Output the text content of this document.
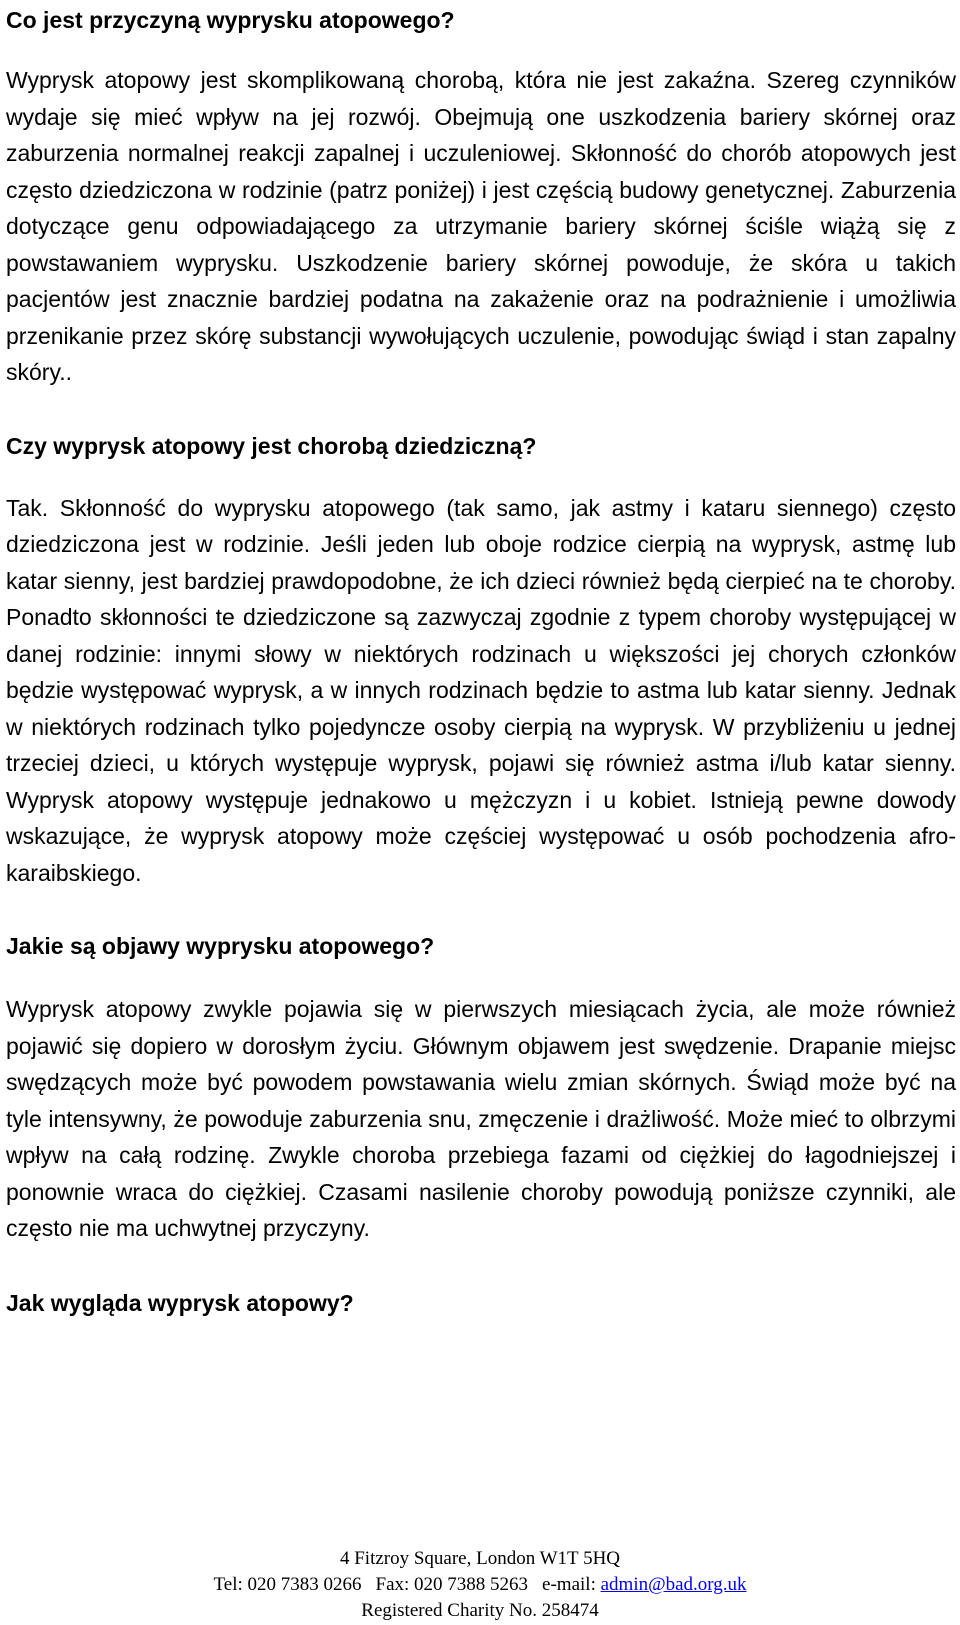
Co jest przyczyną wyprysku atopowego?

Wyprysk atopowy jest skomplikowaną chorobą, która nie jest zakaźna. Szereg czynników wydaje się mieć wpływ na jej rozwój. Obejmują one uszkodzenia bariery skórnej oraz zaburzenia normalnej reakcji zapalnej i uczuleniowej. Skłonność do chorób atopowych jest często dziedziczona w rodzinie (patrz poniżej) i jest częścią budowy genetycznej. Zaburzenia dotyczące genu odpowiadającego za utrzymanie bariery skórnej ściśle wiążą się z powstawaniem wyprysku. Uszkodzenie bariery skórnej powoduje, że skóra u takich pacjentów jest znacznie bardziej podatna na zakażenie oraz na podrażnienie i umożliwia przenikanie przez skórę substancji wywołujących uczulenie, powodując świąd i stan zapalny skóry..

Czy wyprysk atopowy jest chorobą dziedziczną?

Tak. Skłonność do wyprysku atopowego (tak samo, jak astmy i kataru siennego) często dziedziczona jest w rodzinie. Jeśli jeden lub oboje rodzice cierpią na wyprysk, astmę lub katar sienny, jest bardziej prawdopodobne, że ich dzieci również będą cierpieć na te choroby. Ponadto skłonności te dziedziczone są zazwyczaj zgodnie z typem choroby występującej w danej rodzinie: innymi słowy w niektórych rodzinach u większości jej chorych członków będzie występować wyprysk, a w innych rodzinach będzie to astma lub katar sienny. Jednak w niektórych rodzinach tylko pojedyncze osoby cierpią na wyprysk. W przybliżeniu u jednej trzeciej dzieci, u których występuje wyprysk, pojawi się również astma i/lub katar sienny. Wyprysk atopowy występuje jednakowo u mężczyzn i u kobiet. Istnieją pewne dowody wskazujące, że wyprysk atopowy może częściej występować u osób pochodzenia afro-karaibskiego.

Jakie są objawy wyprysku atopowego?

Wyprysk atopowy zwykle pojawia się w pierwszych miesiącach życia, ale może również pojawić się dopiero w dorosłym życiu. Głównym objawem jest swędzenie. Drapanie miejsc swędzących może być powodem powstawania wielu zmian skórnych. Świąd może być na tyle intensywny, że powoduje zaburzenia snu, zmęczenie i drażliwość. Może mieć to olbrzymi wpływ na całą rodzinę. Zwykle choroba przebiega fazami od ciężkiej do łagodniejszej i ponownie wraca do ciężkiej. Czasami nasilenie choroby powodują poniższe czynniki, ale często nie ma uchwytnej przyczyny.

Jak wygląda wyprysk atopowy?
4 Fitzroy Square, London W1T 5HQ
Tel: 020 7383 0266 Fax: 020 7388 5263 e-mail: admin@bad.org.uk
Registered Charity No. 258474
